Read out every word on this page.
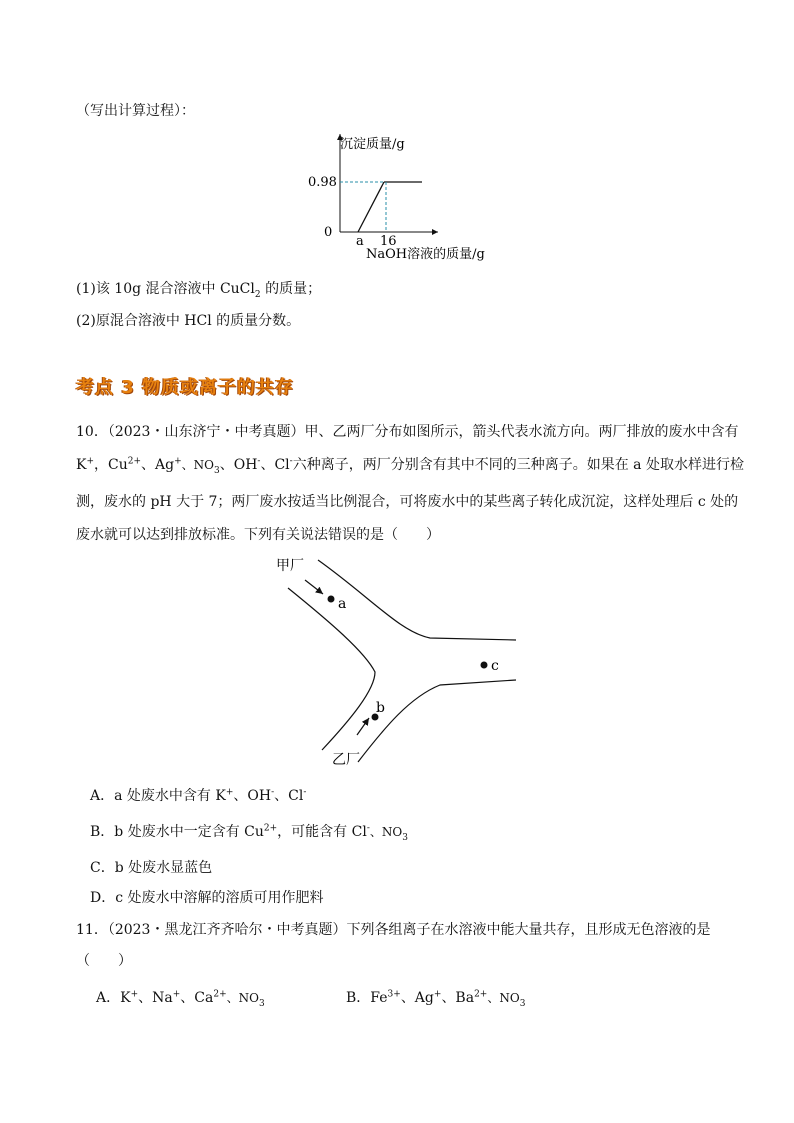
（写出计算过程）：
沉淀质量/g
0.98
0
a 16
NaOH溶液的质量/g
(1)该 10g 混合溶液中 CuCl$_2$ 的质量；
(2)原混合溶液中 HCl 的质量分数。
考点 3 物质或离子的共存
10．（2023・山东济宁・中考真题）甲、乙两厂分布如图所示，箭头代表水流方向。两厂排放的废水中含有
K+，$Cu^{2+}$、Ag+、$NO_3$、OH-、Cl-六种离子，两厂分别含有其中不同的三种离子。如果在 a 处取水样进行检
测，废水的 pH 大于 7；两厂废水按适当比例混合，可将废水中的某些离子转化成沉淀，这样处理后 c 处的
废水就可以达到排放标准。下列有关说法错误的是（　　）
a
b
c
甲厂
乙厂
A．a 处废水中含有 K+、OH-、Cl-
B．b 处废水中一定含有 $Cu^{2+}$，可能含有 Cl-、$NO_3$
C．b 处废水显蓝色
D．c 处废水中溶解的溶质可用作肥料
11．（2023・黑龙江齐齐哈尔・中考真题）下列各组离子在水溶液中能大量共存，且形成无色溶液的是
（　　）
A．K+、Na+、$Ca^{2+}$、$NO_3$	B．$Fe^{3+}$、Ag+、$Ba^{2+}$、$NO_3$
